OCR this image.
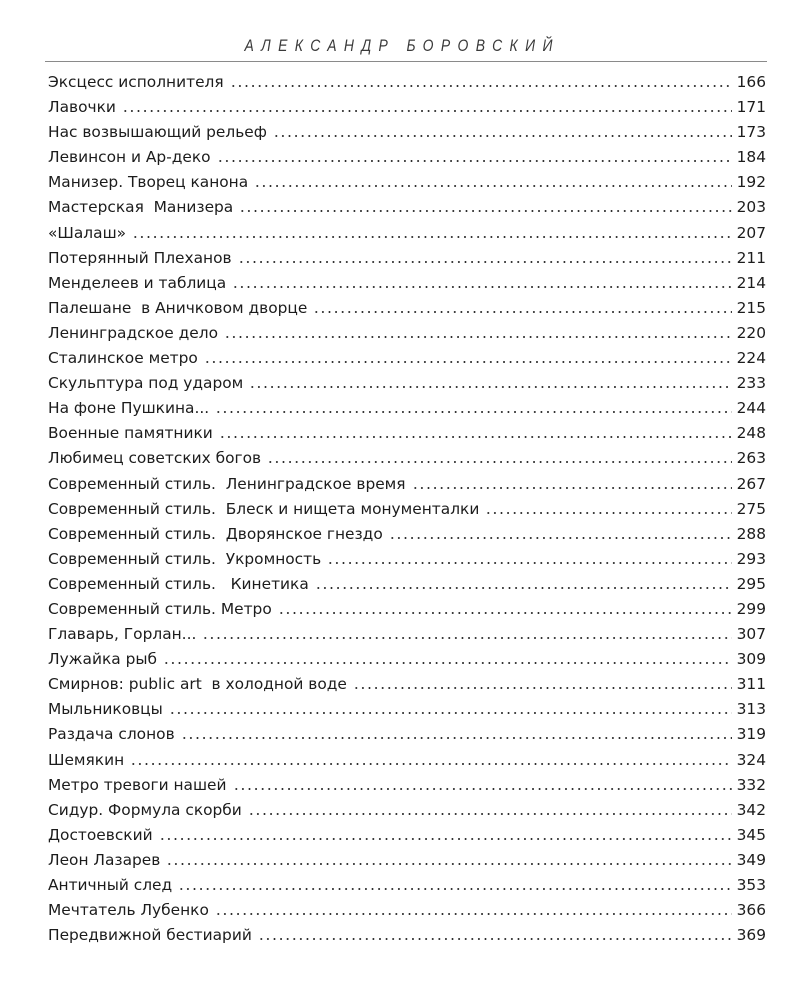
АЛЕКСАНДР БОРОВСКИЙ
Эксцесс исполнителя	166
Лавочки	171
Нас возвышающий рельеф	173
Левинсон и Ар-деко	184
Манизер. Творец канона	192
Мастерская  Манизера	203
«Шалаш»	207
Потерянный Плеханов	211
Менделеев и таблица	214
Палешане  в Аничковом дворце	215
Ленинградское дело	220
Сталинское метро	224
Скульптура под ударом	233
На фоне Пушкина...	244
Военные памятники	248
Любимец советских богов	263
Современный стиль.  Ленинградское время	267
Современный стиль.  Блеск и нищета монументалки	275
Современный стиль.  Дворянское гнездо	288
Современный стиль.  Укромность	293
Современный стиль.   Кинетика	295
Современный стиль. Метро	299
Главарь, Горлан...	307
Лужайка рыб	309
Смирнов: public art  в холодной воде	311
Мыльниковцы	313
Раздача слонов	319
Шемякин	324
Метро тревоги нашей	332
Сидур. Формула скорби	342
Достоевский	345
Леон Лазарев	349
Античный след	353
Мечтатель Лубенко	366
Передвижной бестиарий	369
